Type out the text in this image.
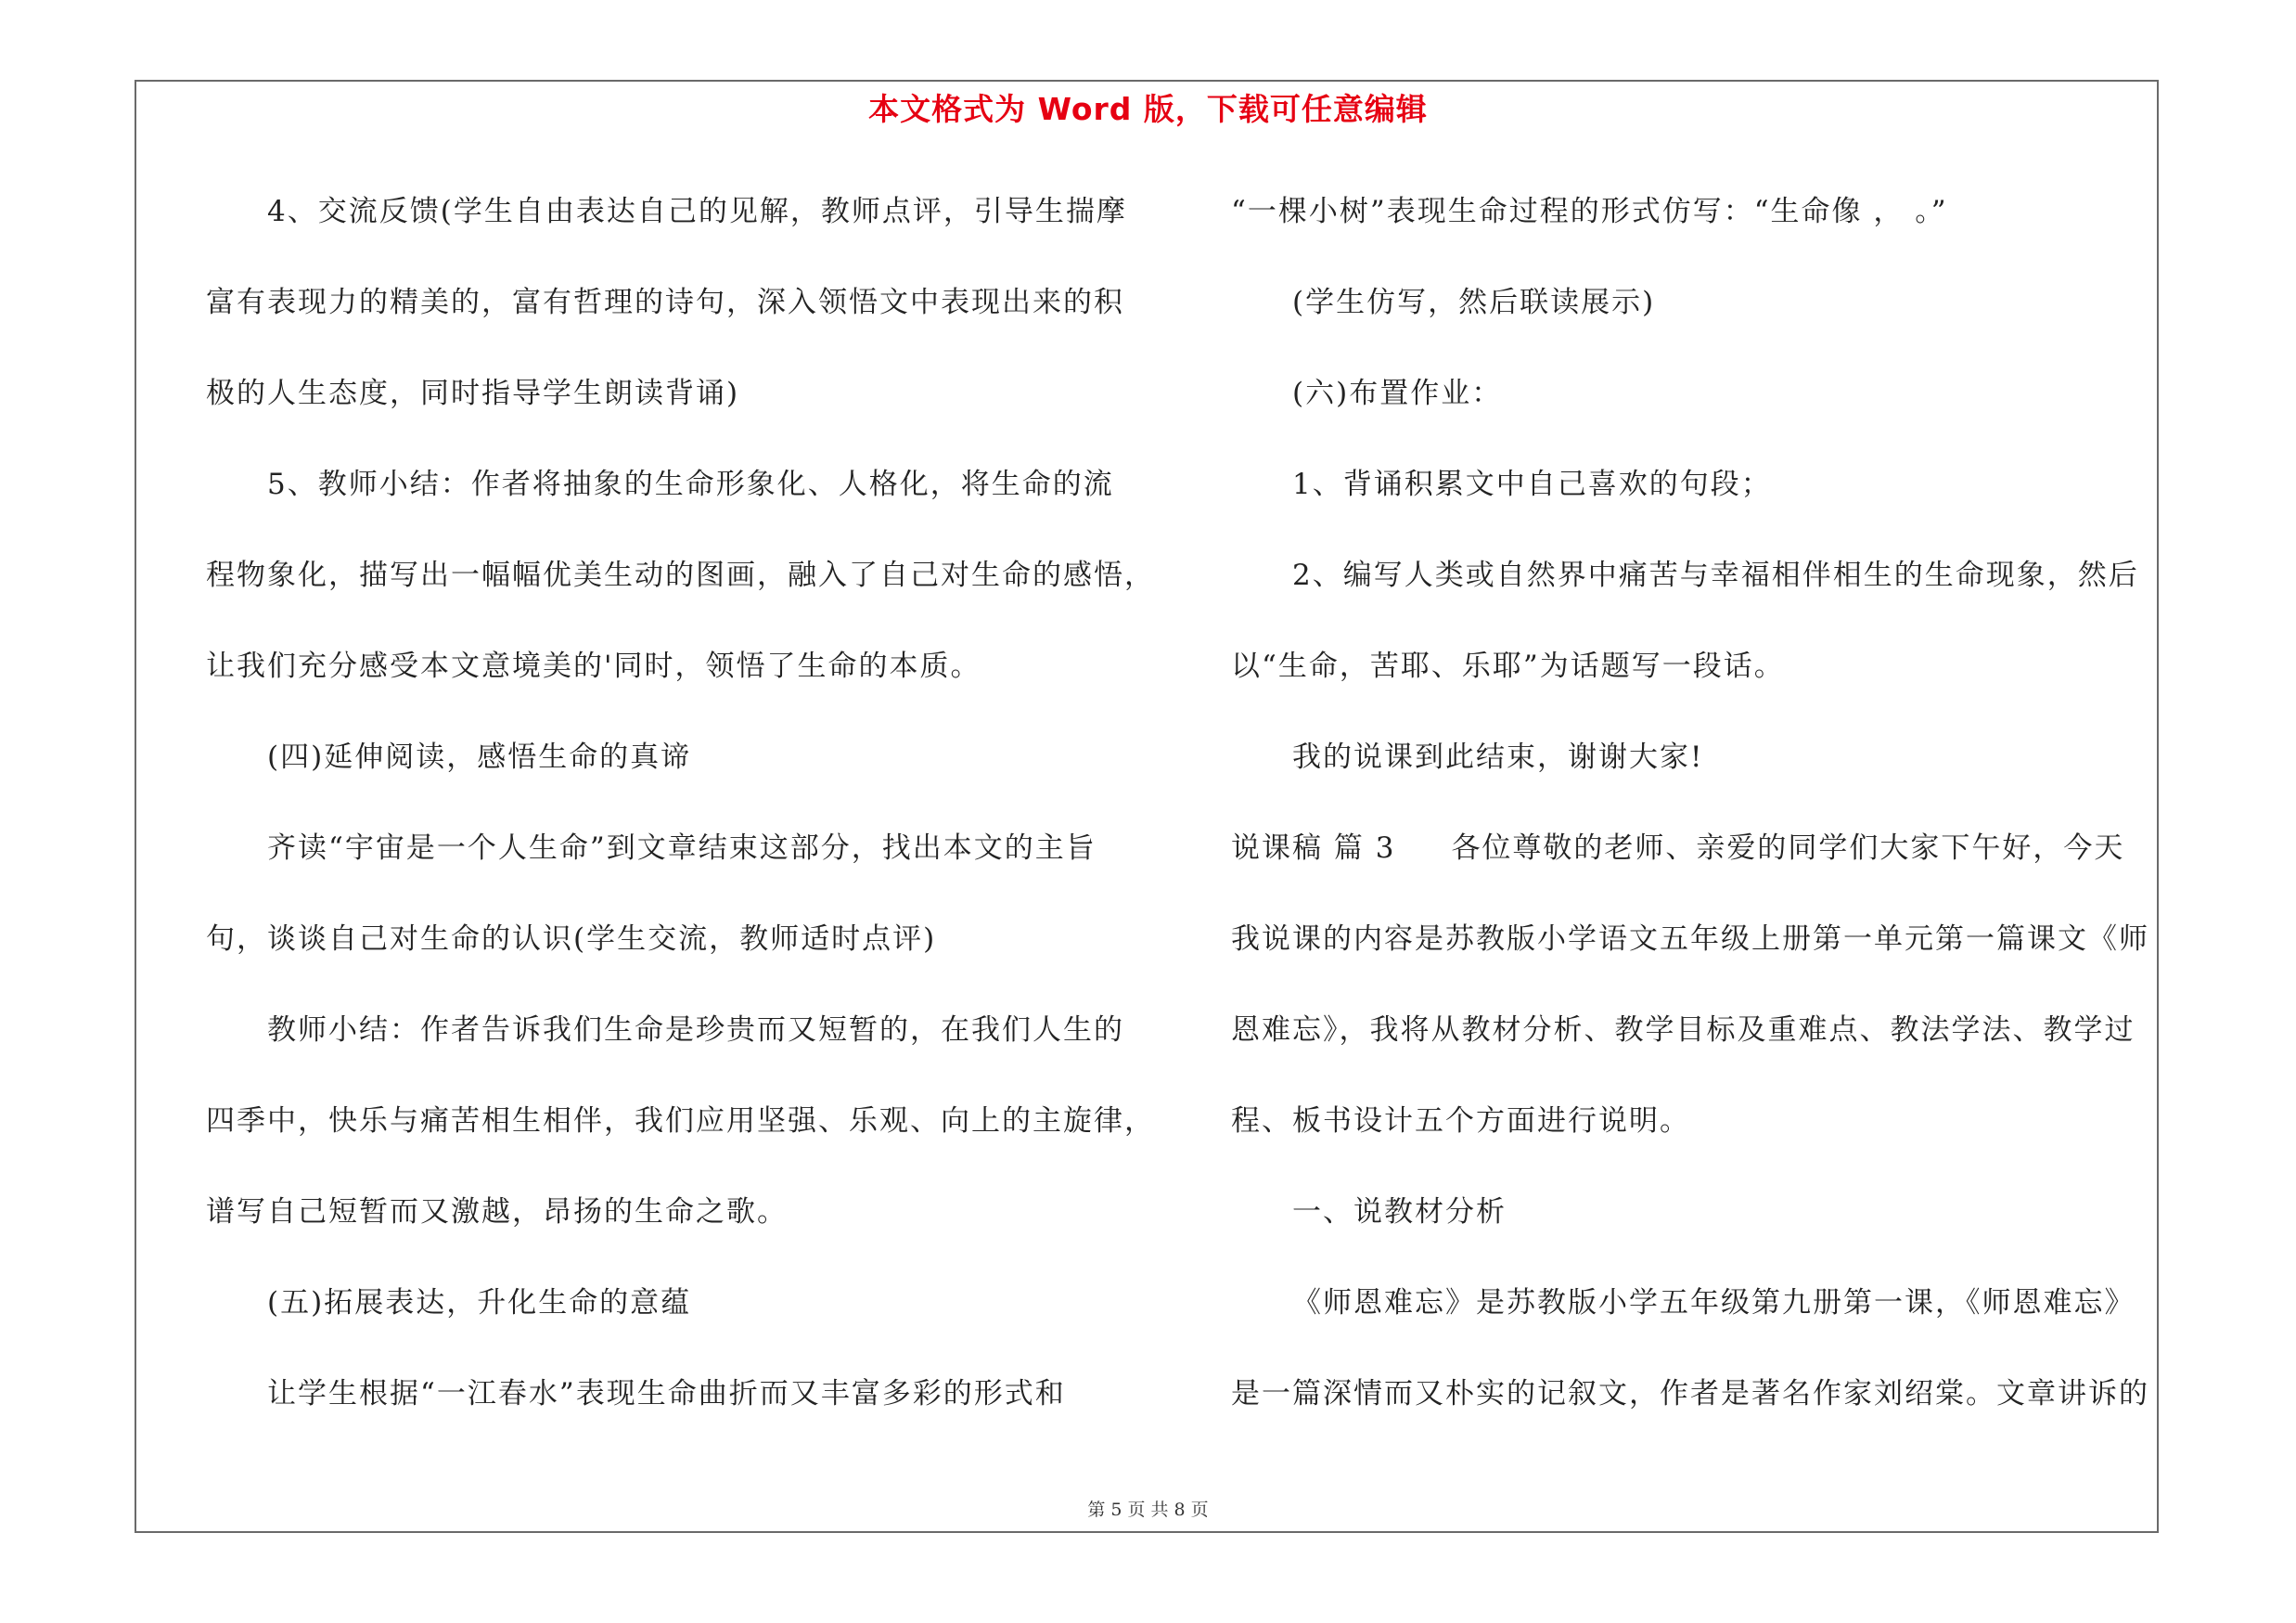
本文格式为 Word 版，下载可任意编辑
4、交流反馈(学生自由表达自己的见解，教师点评，引导生揣摩
富有表现力的精美的，富有哲理的诗句，深入领悟文中表现出来的积
极的人生态度，同时指导学生朗读背诵)
5、教师小结：作者将抽象的生命形象化、人格化，将生命的流
程物象化，描写出一幅幅优美生动的图画，融入了自己对生命的感悟，
让我们充分感受本文意境美的'同时，领悟了生命的本质。
(四)延伸阅读，感悟生命的真谛
齐读“宇宙是一个人生命”到文章结束这部分，找出本文的主旨
句，谈谈自己对生命的认识(学生交流，教师适时点评)
教师小结：作者告诉我们生命是珍贵而又短暂的，在我们人生的
四季中，快乐与痛苦相生相伴，我们应用坚强、乐观、向上的主旋律，
谱写自己短暂而又激越，昂扬的生命之歌。
(五)拓展表达，升化生命的意蕴
让学生根据“一江春水”表现生命曲折而又丰富多彩的形式和
“一棵小树”表现生命过程的形式仿写：“生命像 ， 。”
(学生仿写，然后联读展示)
(六)布置作业：
1、背诵积累文中自己喜欢的句段；
2、编写人类或自然界中痛苦与幸福相伴相生的生命现象，然后
以“生命，苦耶、乐耶”为话题写一段话。
我的说课到此结束，谢谢大家!
说课稿 篇 3 各位尊敬的老师、亲爱的同学们大家下午好，今天
我说课的内容是苏教版小学语文五年级上册第一单元第一篇课文《师
恩难忘》，我将从教材分析、教学目标及重难点、教法学法、教学过
程、板书设计五个方面进行说明。
一、说教材分析
《师恩难忘》是苏教版小学五年级第九册第一课，《师恩难忘》
是一篇深情而又朴实的记叙文，作者是著名作家刘绍棠。文章讲诉的
第 5 页 共 8 页
